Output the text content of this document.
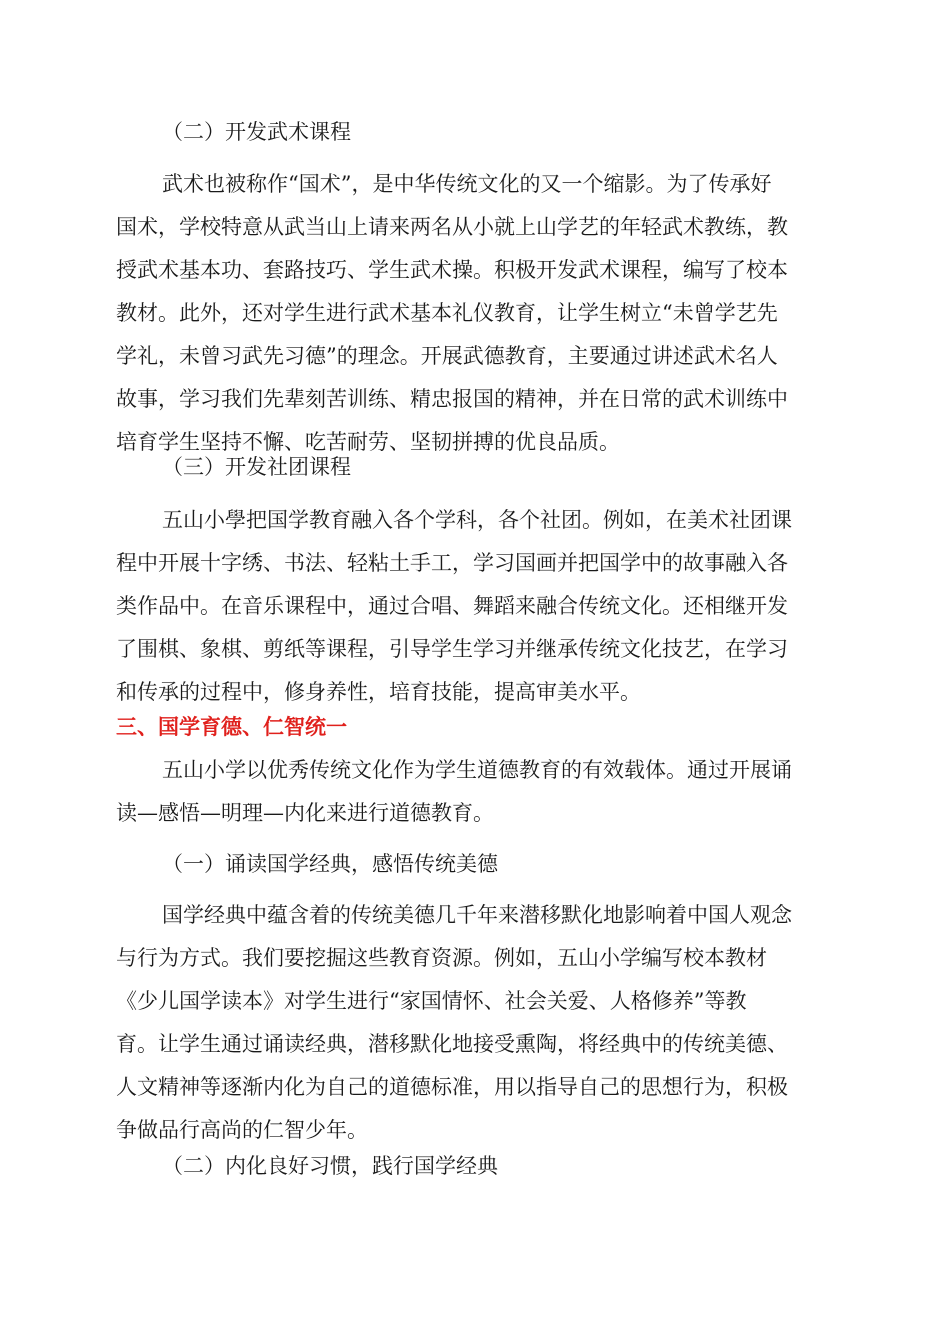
（二）开发武术课程
武术也被称作“国术”，是中华传统文化的又一个缩影。为了传承好
国术，学校特意从武当山上请来两名从小就上山学艺的年轻武术教练，教
授武术基本功、套路技巧、学生武术操。积极开发武术课程，编写了校本
教材。此外，还对学生进行武术基本礼仪教育，让学生树立“未曾学艺先
学礼，未曾习武先习德”的理念。开展武德教育，主要通过讲述武术名人
故事，学习我们先辈刻苦训练、精忠报国的精神，并在日常的武术训练中
培育学生坚持不懈、吃苦耐劳、坚韧拼搏的优良品质。
（三）开发社团课程
五山小學把国学教育融入各个学科，各个社团。例如，在美术社团课
程中开展十字绣、书法、轻粘土手工，学习国画并把国学中的故事融入各
类作品中。在音乐课程中，通过合唱、舞蹈来融合传统文化。还相继开发
了围棋、象棋、剪纸等课程，引导学生学习并继承传统文化技艺，在学习
和传承的过程中，修身养性，培育技能，提高审美水平。
三、国学育德、仁智统一
五山小学以优秀传统文化作为学生道德教育的有效载体。通过开展诵
读—感悟—明理—内化来进行道德教育。
（一）诵读国学经典，感悟传统美德
国学经典中蕴含着的传统美德几千年来潜移默化地影响着中国人观念
与行为方式。我们要挖掘这些教育资源。例如，五山小学编写校本教材
《少儿国学读本》对学生进行“家国情怀、社会关爱、人格修养”等教
育。让学生通过诵读经典，潜移默化地接受熏陶，将经典中的传统美德、
人文精神等逐渐内化为自己的道德标准，用以指导自己的思想行为，积极
争做品行高尚的仁智少年。
（二）内化良好习惯，践行国学经典
